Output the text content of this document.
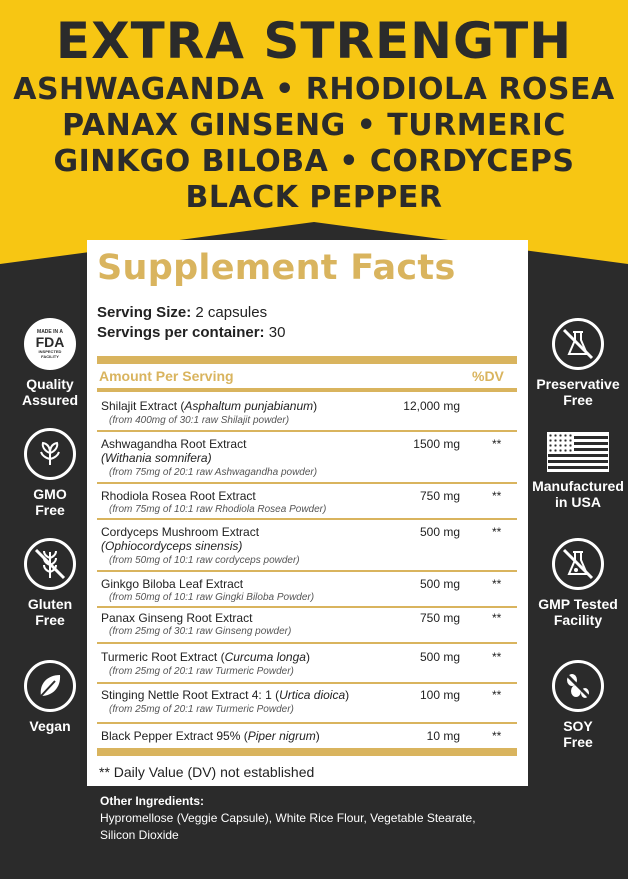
EXTRA STRENGTH
ASHWAGANDA • RHODIOLA ROSEA
PANAX GINSENG • TURMERIC
GINKGO BILOBA • CORDYCEPS
BLACK PEPPER
MADE IN A
FDA
INSPECTED FACILITY
Quality
Assured
GMO
Free
Gluten
Free
Vegan
Preservative
Free
Manufactured
in USA
GMP Tested
Facility
SOY
Free
Supplement Facts
Serving Size: 2 capsules
Servings per container: 30
Amount Per Serving	%DV
Shilajit Extract (Asphaltum punjabianum)
(from 400mg of 30:1 raw Shilajit powder)
12,000 mg
Ashwagandha Root Extract
(Withania somnifera)
(from 75mg of 20:1 raw Ashwagandha powder)
1500 mg	**
Rhodiola Rosea Root Extract
(from 75mg of 10:1 raw Rhodiola Rosea Powder)
750 mg	**
Cordyceps Mushroom Extract
(Ophiocordyceps sinensis)
(from 50mg of 10:1 raw cordyceps powder)
500 mg	**
Ginkgo Biloba Leaf Extract
(from 50mg of 10:1 raw Gingki Biloba Powder)
500 mg	**
Panax Ginseng Root Extract
(from 25mg of 30:1 raw Ginseng powder)
750 mg	**
Turmeric Root Extract (Curcuma longa)
(from 25mg of 20:1 raw Turmeric Powder)
500 mg	**
Stinging Nettle Root Extract 4: 1 (Urtica dioica)
(from 25mg of 20:1 raw Turmeric Powder)
100 mg	**
Black Pepper Extract 95% (Piper nigrum)	10 mg	**
** Daily Value (DV) not established
Other Ingredients:
Hypromellose (Veggie Capsule), White Rice Flour, Vegetable Stearate,
Silicon Dioxide
